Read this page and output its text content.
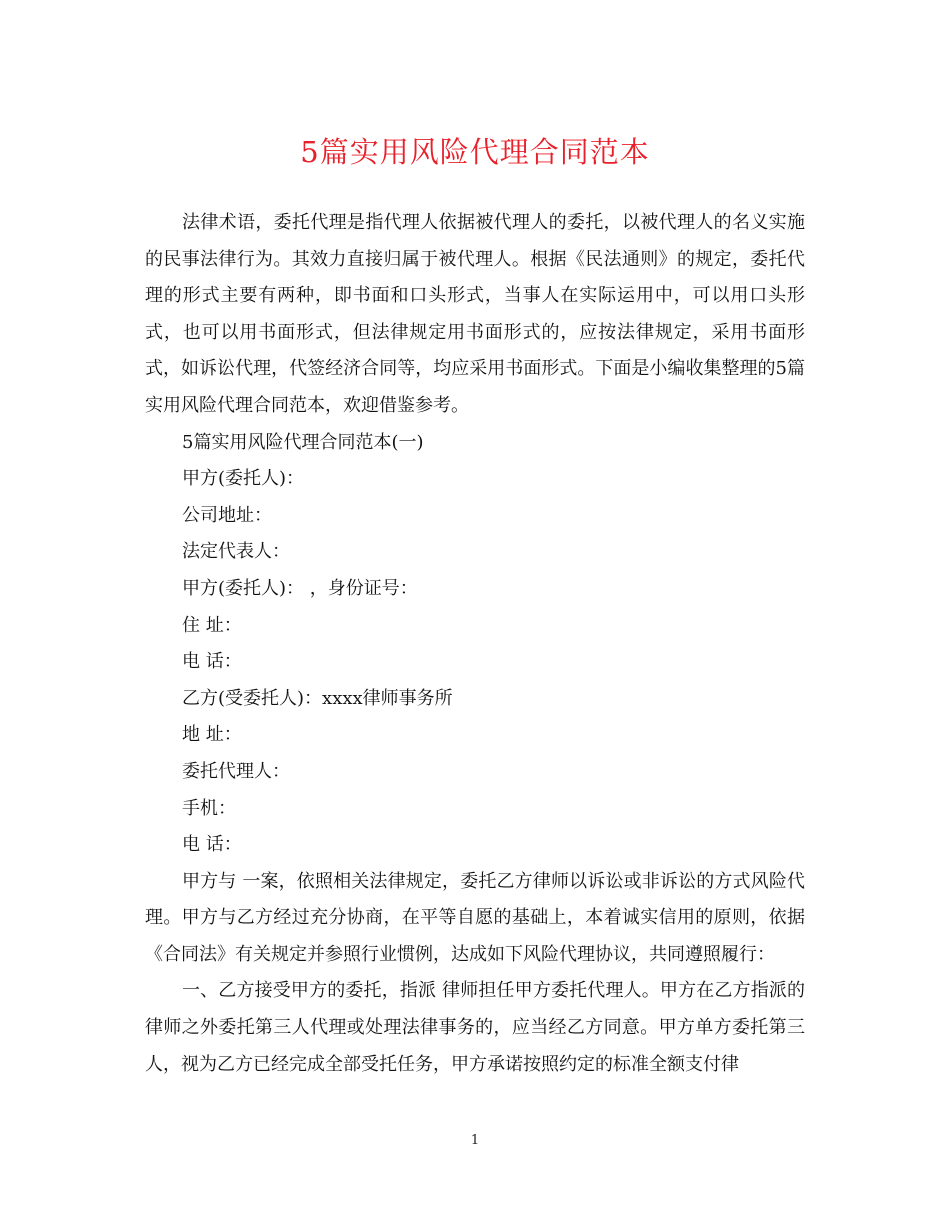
5篇实用风险代理合同范本

法律术语，委托代理是指代理人依据被代理人的委托，以被代理人的名义实施的民事法律行为。其效力直接归属于被代理人。根据《民法通则》的规定，委托代理的形式主要有两种，即书面和口头形式，当事人在实际运用中，可以用口头形式，也可以用书面形式，但法律规定用书面形式的，应按法律规定，采用书面形式，如诉讼代理，代签经济合同等，均应采用书面形式。下面是小编收集整理的5篇实用风险代理合同范本，欢迎借鉴参考。

5篇实用风险代理合同范本(一)

甲方(委托人)：

公司地址：

法定代表人：

甲方(委托人)： ，身份证号：

住 址：

电 话：

乙方(受委托人)：xxxx律师事务所

地 址：

委托代理人：

手机：

电 话：

甲方与 一案，依照相关法律规定，委托乙方律师以诉讼或非诉讼的方式风险代理。甲方与乙方经过充分协商，在平等自愿的基础上，本着诚实信用的原则，依据《合同法》有关规定并参照行业惯例，达成如下风险代理协议，共同遵照履行：

一、乙方接受甲方的委托，指派 律师担任甲方委托代理人。甲方在乙方指派的律师之外委托第三人代理或处理法律事务的，应当经乙方同意。甲方单方委托第三人，视为乙方已经完成全部受托任务，甲方承诺按照约定的标准全额支付律

1
